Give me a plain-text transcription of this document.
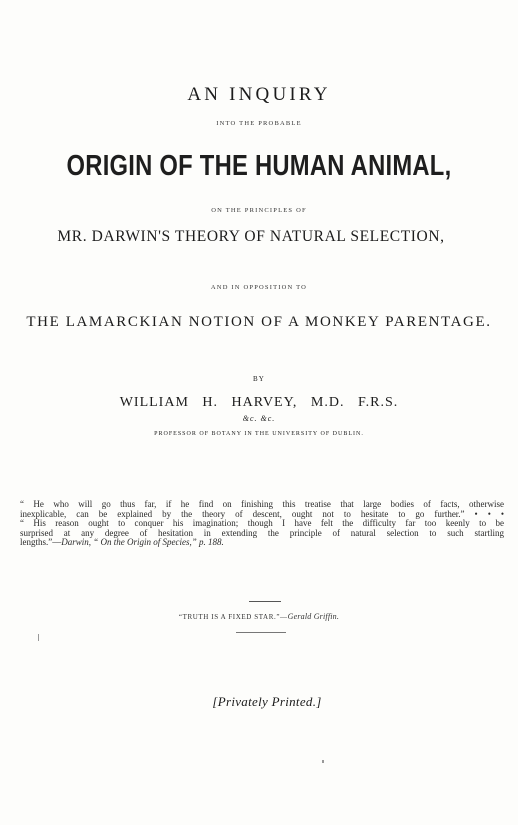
AN INQUIRY
INTO THE PROBABLE
ORIGIN OF THE HUMAN ANIMAL,
ON THE PRINCIPLES OF
MR. DARWIN'S THEORY OF NATURAL SELECTION,
AND IN OPPOSITION TO
THE LAMARCKIAN NOTION OF A MONKEY PARENTAGE.
BY
WILLIAM H. HARVEY, M.D. F.R.S.
&c. &c.
PROFESSOR OF BOTANY IN THE UNIVERSITY OF DUBLIN.
“ He who will go thus far, if he find on finishing this treatise that large bodies of facts, otherwise
inexplicable, can be explained by the theory of descent, ought not to hesitate to go further.” • • •
“ His reason ought to conquer his imagination; though I have felt the difficulty far too keenly to be
surprised at any degree of hesitation in extending the principle of natural selection to such startling
lengths.”—Darwin, “ On the Origin of Species,” p. 188.
“TRUTH IS A FIXED STAR.”—Gerald Griffin.
[Privately Printed.]
